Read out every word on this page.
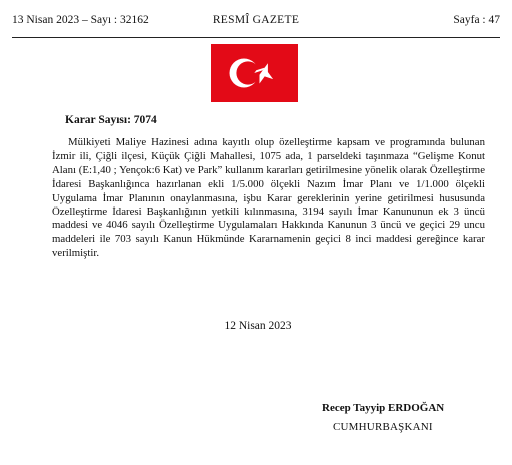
13 Nisan 2023 – Sayı : 32162	RESMÎ GAZETE	Sayfa : 47
Karar Sayısı: 7074
Mülkiyeti Maliye Hazinesi adına kayıtlı olup özelleştirme kapsam ve programında bulunan İzmir ili, Çiğli ilçesi, Küçük Çiğli Mahallesi, 1075 ada, 1 parseldeki taşınmaza “Gelişme Konut Alanı (E:1,40 ; Yençok:6 Kat) ve Park” kullanım kararları getirilmesine yönelik olarak Özelleştirme İdaresi Başkanlığınca hazırlanan ekli 1/5.000 ölçekli Nazım İmar Planı ve 1/1.000 ölçekli Uygulama İmar Planının onaylanmasına, işbu Karar gereklerinin yerine getirilmesi hususunda Özelleştirme İdaresi Başkanlığının yetkili kılınmasına, 3194 sayılı İmar Kanununun ek 3 üncü maddesi ve 4046 sayılı Özelleştirme Uygulamaları Hakkında Kanunun 3 üncü ve geçici 29 uncu maddeleri ile 703 sayılı Kanun Hükmünde Kararnamenin geçici 8 inci maddesi gereğince karar verilmiştir.
12 Nisan 2023
Recep Tayyip ERDOĞAN
CUMHURBAŞKANI
